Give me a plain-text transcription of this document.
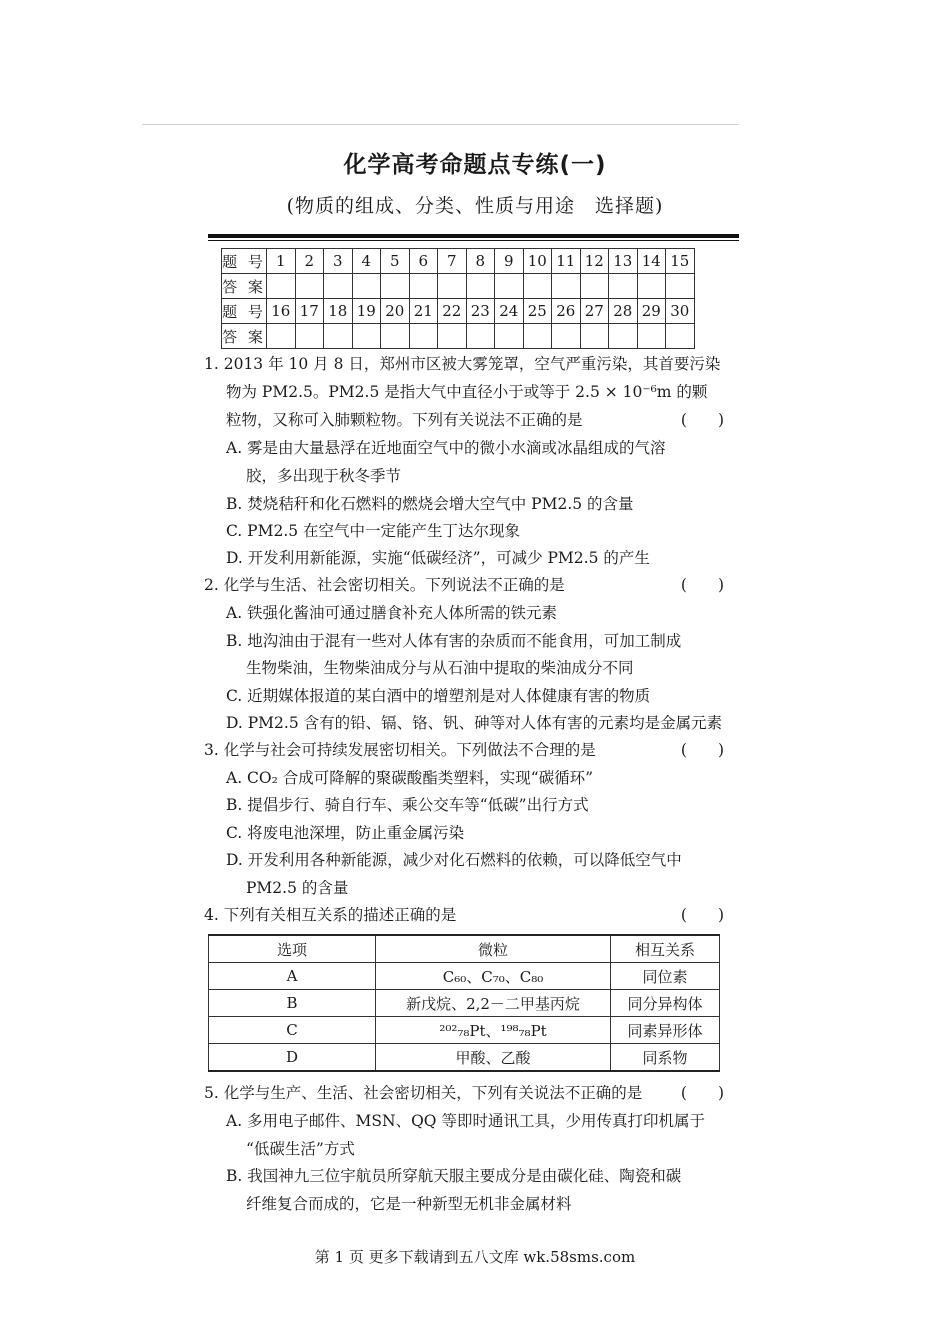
化学高考命题点专练(一)
(物质的组成、分类、性质与用途　选择题)
题 号	1	2	3	4	5	6	7	8	9	10	11	12	13	14	15
答 案															
题 号	16	17	18	19	20	21	22	23	24	25	26	27	28	29	30
答 案															
1. 2013 年 10 月 8 日，郑州市区被大雾笼罩，空气严重污染，其首要污染
物为 PM2.5。PM2.5 是指大气中直径小于或等于 2.5 × 10⁻⁶m 的颗
粒物，又称可入肺颗粒物。下列有关说法不正确的是	(　　)
A. 雾是由大量悬浮在近地面空气中的微小水滴或冰晶组成的气溶
胶，多出现于秋冬季节
B. 焚烧秸秆和化石燃料的燃烧会增大空气中 PM2.5 的含量
C. PM2.5 在空气中一定能产生丁达尔现象
D. 开发利用新能源，实施“低碳经济”，可减少 PM2.5 的产生
2. 化学与生活、社会密切相关。下列说法不正确的是	(　　)
A. 铁强化酱油可通过膳食补充人体所需的铁元素
B. 地沟油由于混有一些对人体有害的杂质而不能食用，可加工制成
生物柴油，生物柴油成分与从石油中提取的柴油成分不同
C. 近期媒体报道的某白酒中的增塑剂是对人体健康有害的物质
D. PM2.5 含有的铅、镉、铬、钒、砷等对人体有害的元素均是金属元素
3. 化学与社会可持续发展密切相关。下列做法不合理的是	(　　)
A. CO₂ 合成可降解的聚碳酸酯类塑料，实现“碳循环”
B. 提倡步行、骑自行车、乘公交车等“低碳”出行方式
C. 将废电池深埋，防止重金属污染
D. 开发利用各种新能源，减少对化石燃料的依赖，可以降低空气中
PM2.5 的含量
4. 下列有关相互关系的描述正确的是	(　　)
5. 化学与生产、生活、社会密切相关，下列有关说法不正确的是 (　　)
A. 多用电子邮件、MSN、QQ 等即时通讯工具，少用传真打印机属于
“低碳生活”方式
B. 我国神九三位宇航员所穿航天服主要成分是由碳化硅、陶瓷和碳
纤维复合而成的，它是一种新型无机非金属材料
选项	微粒	相互关系
A	C₆₀、C₇₀、C₈₀	同位素
B	新戊烷、2,2－二甲基丙烷	同分异构体
C	²⁰²₇₈Pt、¹⁹⁸₇₈Pt	同素异形体
D	甲酸、乙酸	同系物
第 1 页 更多下载请到五八文库 wk.58sms.com
